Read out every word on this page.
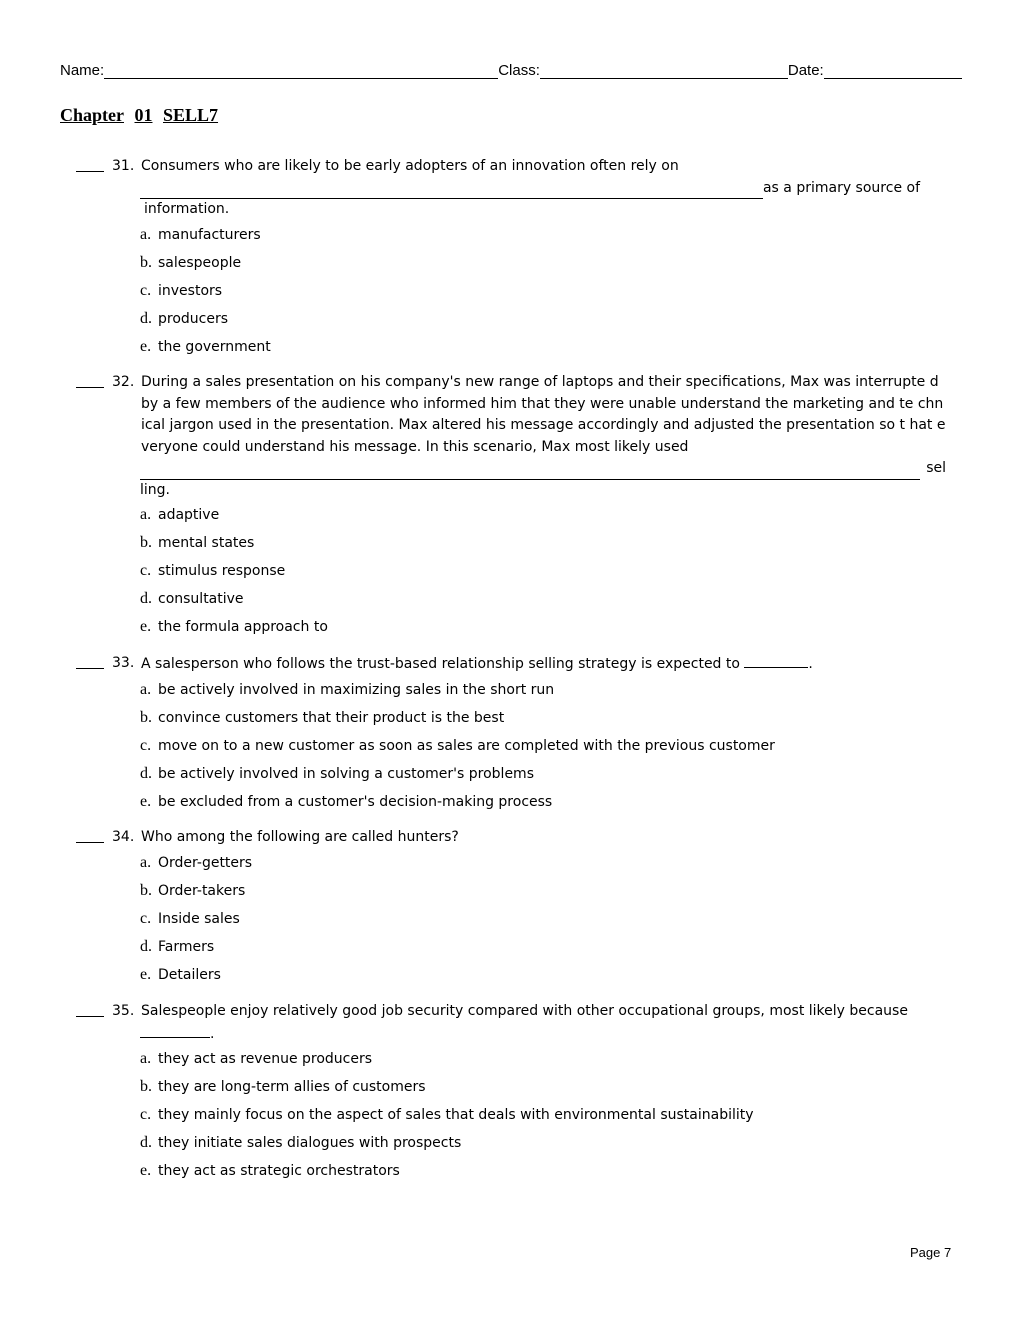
Name:	Class:	Date:
Chapter 01 SELL7
31. Consumers who are likely to be early adopters of an innovation often rely on
as a primary source of
information.
a. manufacturers
b. salespeople
c. investors
d. producers
e. the government
32. During a sales presentation on his company's new range of laptops and their specifications, Max was interrupte d by a few members of the audience who informed him that they were unable understand the marketing and te chnical jargon used in the presentation. Max altered his message accordingly and adjusted the presentation so t hat everyone could understand his message. In this scenario, Max most likely used
sel
ling.
a. adaptive
b. mental states
c. stimulus response
d. consultative
e. the formula approach to
33. A salesperson who follows the trust-based relationship selling strategy is expected to	.
a. be actively involved in maximizing sales in the short run
b. convince customers that their product is the best
c. move on to a new customer as soon as sales are completed with the previous customer
d. be actively involved in solving a customer's problems
e. be excluded from a customer's decision-making process
34. Who among the following are called hunters?
a. Order-getters
b. Order-takers
c. Inside sales
d. Farmers
e. Detailers
35. Salespeople enjoy relatively good job security compared with other occupational groups, most likely because
.
a. they act as revenue producers
b. they are long-term allies of customers
c. they mainly focus on the aspect of sales that deals with environmental sustainability
d. they initiate sales dialogues with prospects
e. they act as strategic orchestrators
Page 7
